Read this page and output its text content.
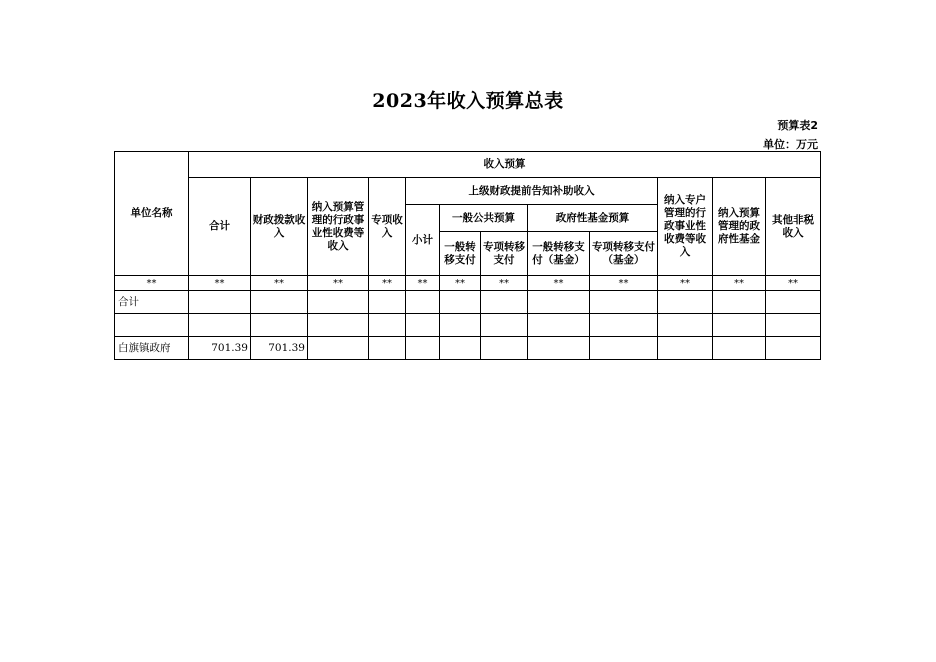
2023年收入预算总表
预算表2
单位：万元
单位名称	收入预算											
	合计	财政拨款收入	纳入预算管理的行政事业性收费等收入	专项收入	上级财政提前告知补助收入					纳入专户管理的行政事业性收费等收入	纳入预算管理的政府性基金	其他非税收入
					小计	一般公共预算		政府性基金预算				
						一般转移支付	专项转移支付	一般转移支付（基金）	专项转移支付（基金）			
**	**	**	**	**	**	**	**	**	**	**	**	**
合计												

白旗镇政府	701.39	701.39										
